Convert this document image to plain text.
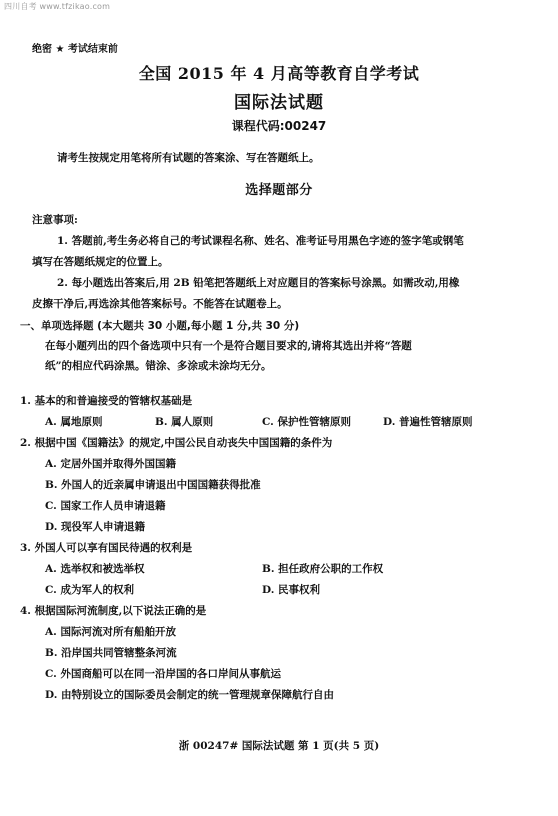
四川自考 www.tfzikao.com
绝密 ★ 考试结束前
全国 2015 年 4 月高等教育自学考试
国际法试题
课程代码:00247
请考生按规定用笔将所有试题的答案涂、写在答题纸上。
选择题部分
注意事项:
1. 答题前,考生务必将自己的考试课程名称、姓名、准考证号用黑色字迹的签字笔或钢笔
填写在答题纸规定的位置上。
2. 每小题选出答案后,用 2B 铅笔把答题纸上对应题目的答案标号涂黑。如需改动,用橡
皮擦干净后,再选涂其他答案标号。不能答在试题卷上。
一、单项选择题 (本大题共 30 小题,每小题 1 分,共 30 分)
在每小题列出的四个备选项中只有一个是符合题目要求的,请将其选出并将“答题
纸”的相应代码涂黑。错涂、多涂或未涂均无分。
1. 基本的和普遍接受的管辖权基础是
A. 属地原则	B. 属人原则	C. 保护性管辖原则	D. 普遍性管辖原则
2. 根据中国《国籍法》的规定,中国公民自动丧失中国国籍的条件为
A. 定居外国并取得外国国籍
B. 外国人的近亲属申请退出中国国籍获得批准
C. 国家工作人员申请退籍
D. 现役军人申请退籍
3. 外国人可以享有国民待遇的权利是
A. 选举权和被选举权	B. 担任政府公职的工作权
C. 成为军人的权利	D. 民事权利
4. 根据国际河流制度,以下说法正确的是
A. 国际河流对所有船舶开放
B. 沿岸国共同管辖整条河流
C. 外国商船可以在同一沿岸国的各口岸间从事航运
D. 由特别设立的国际委员会制定的统一管理规章保障航行自由
浙 00247# 国际法试题 第 1 页(共 5 页)
